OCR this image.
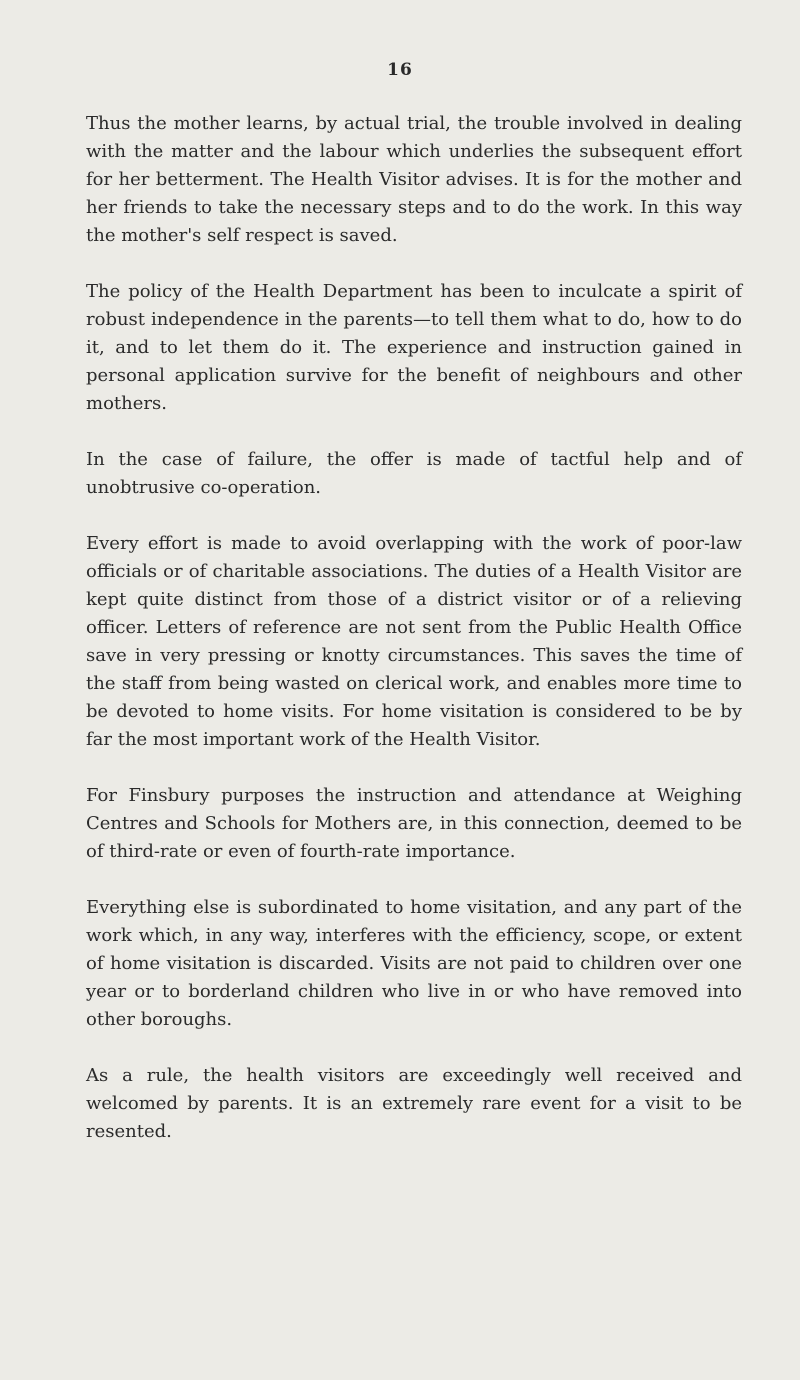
16

Thus the mother learns, by actual trial, the trouble involved in dealing with the matter and the labour which underlies the subsequent effort for her betterment. The Health Visitor advises. It is for the mother and her friends to take the necessary steps and to do the work. In this way the mother's self respect is saved.

The policy of the Health Department has been to inculcate a spirit of robust independence in the parents—to tell them what to do, how to do it, and to let them do it. The experience and instruction gained in personal application survive for the benefit of neighbours and other mothers.

In the case of failure, the offer is made of tactful help and of unobtrusive co-operation.

Every effort is made to avoid overlapping with the work of poor-law officials or of charitable associations. The duties of a Health Visitor are kept quite distinct from those of a district visitor or of a relieving officer. Letters of reference are not sent from the Public Health Office save in very pressing or knotty circumstances. This saves the time of the staff from being wasted on clerical work, and enables more time to be devoted to home visits. For home visitation is considered to be by far the most important work of the Health Visitor.

For Finsbury purposes the instruction and attendance at Weighing Centres and Schools for Mothers are, in this connection, deemed to be of third-rate or even of fourth-rate importance.

Everything else is subordinated to home visitation, and any part of the work which, in any way, interferes with the efficiency, scope, or extent of home visitation is discarded. Visits are not paid to children over one year or to borderland children who live in or who have removed into other boroughs.

As a rule, the health visitors are exceedingly well received and welcomed by parents. It is an extremely rare event for a visit to be resented.
